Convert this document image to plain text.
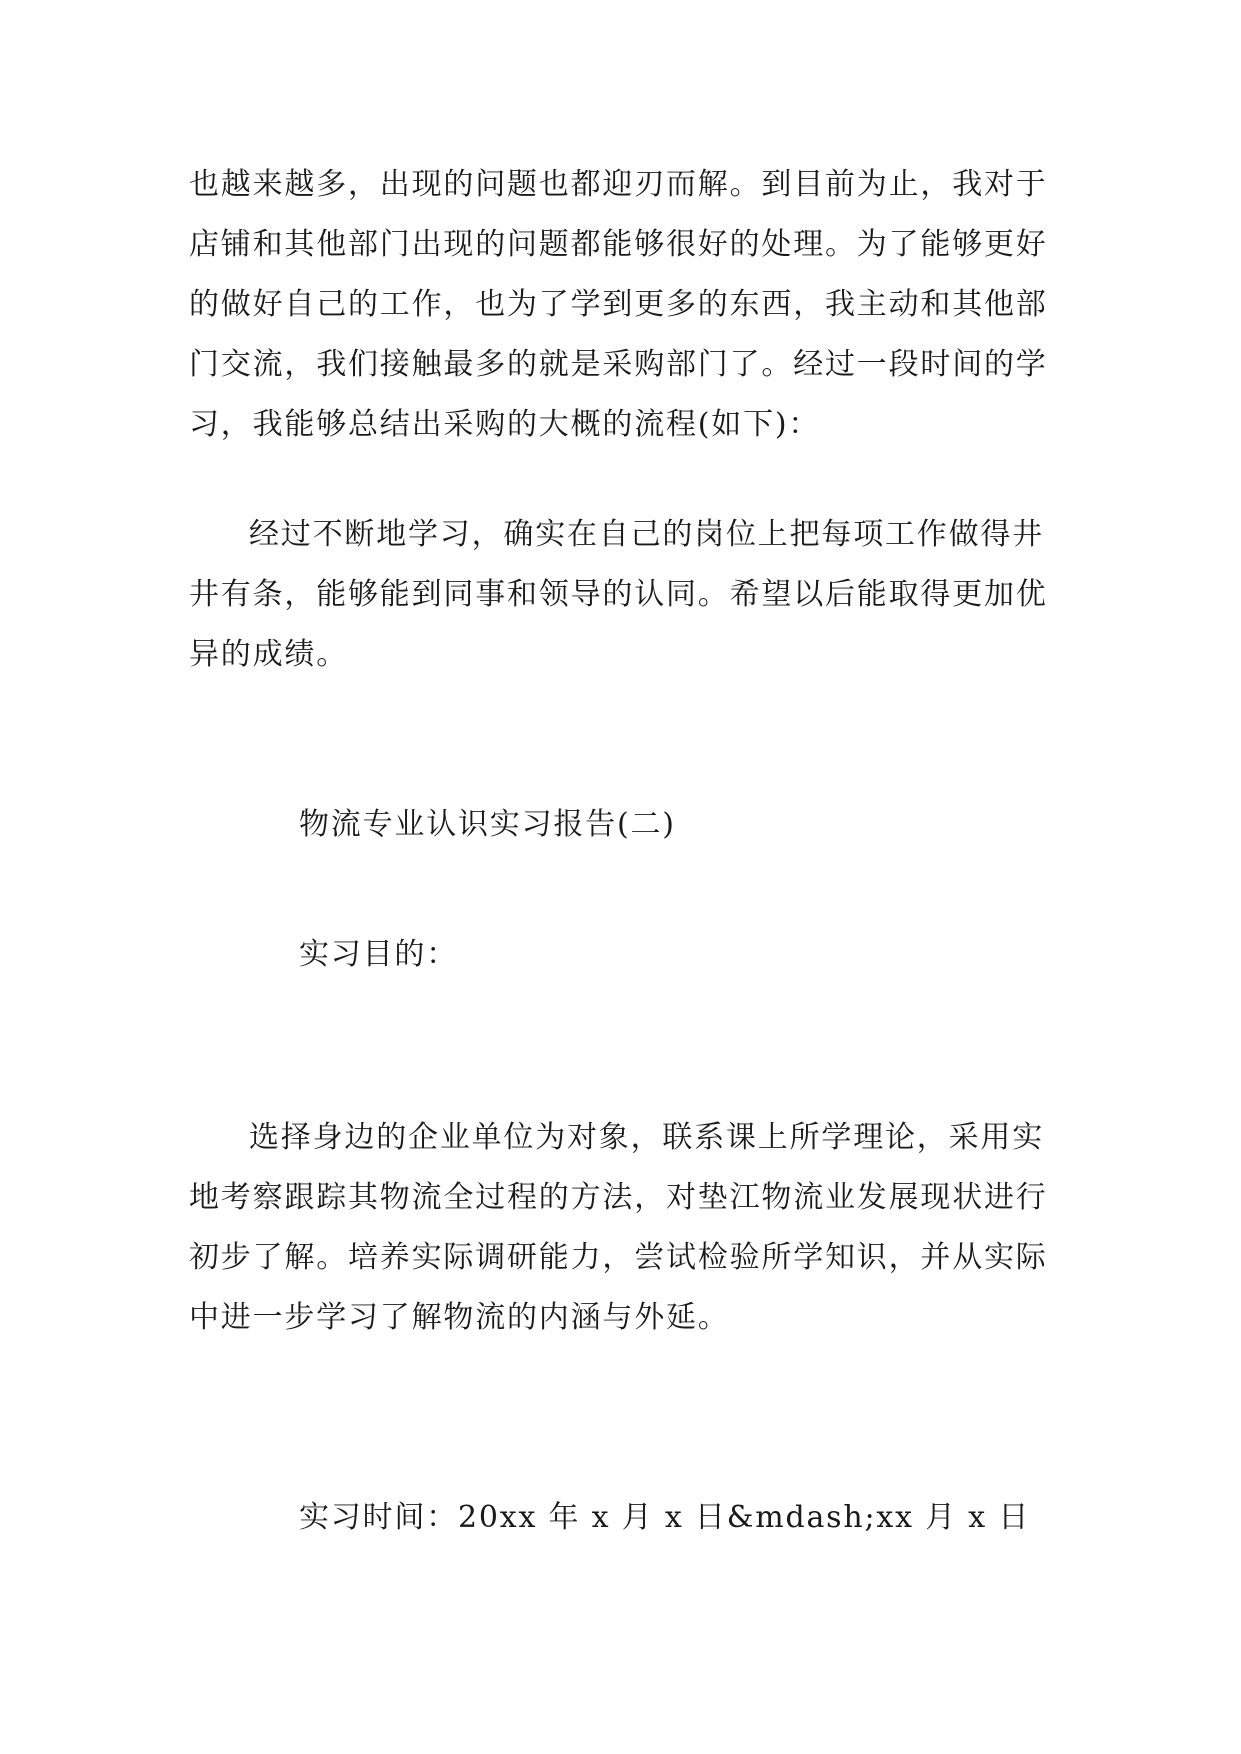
也越来越多，出现的问题也都迎刃而解。到目前为止，我对于店铺和其他部门出现的问题都能够很好的处理。为了能够更好的做好自己的工作，也为了学到更多的东西，我主动和其他部门交流，我们接触最多的就是采购部门了。经过一段时间的学习，我能够总结出采购的大概的流程(如下)：

经过不断地学习，确实在自己的岗位上把每项工作做得井井有条，能够能到同事和领导的认同。希望以后能取得更加优异的成绩。

物流专业认识实习报告(二)

实习目的：

选择身边的企业单位为对象，联系课上所学理论，采用实地考察跟踪其物流全过程的方法，对垫江物流业发展现状进行初步了解。培养实际调研能力，尝试检验所学知识，并从实际中进一步学习了解物流的内涵与外延。

实习时间：20xx 年 x 月 x 日&mdash;xx 月 x 日
